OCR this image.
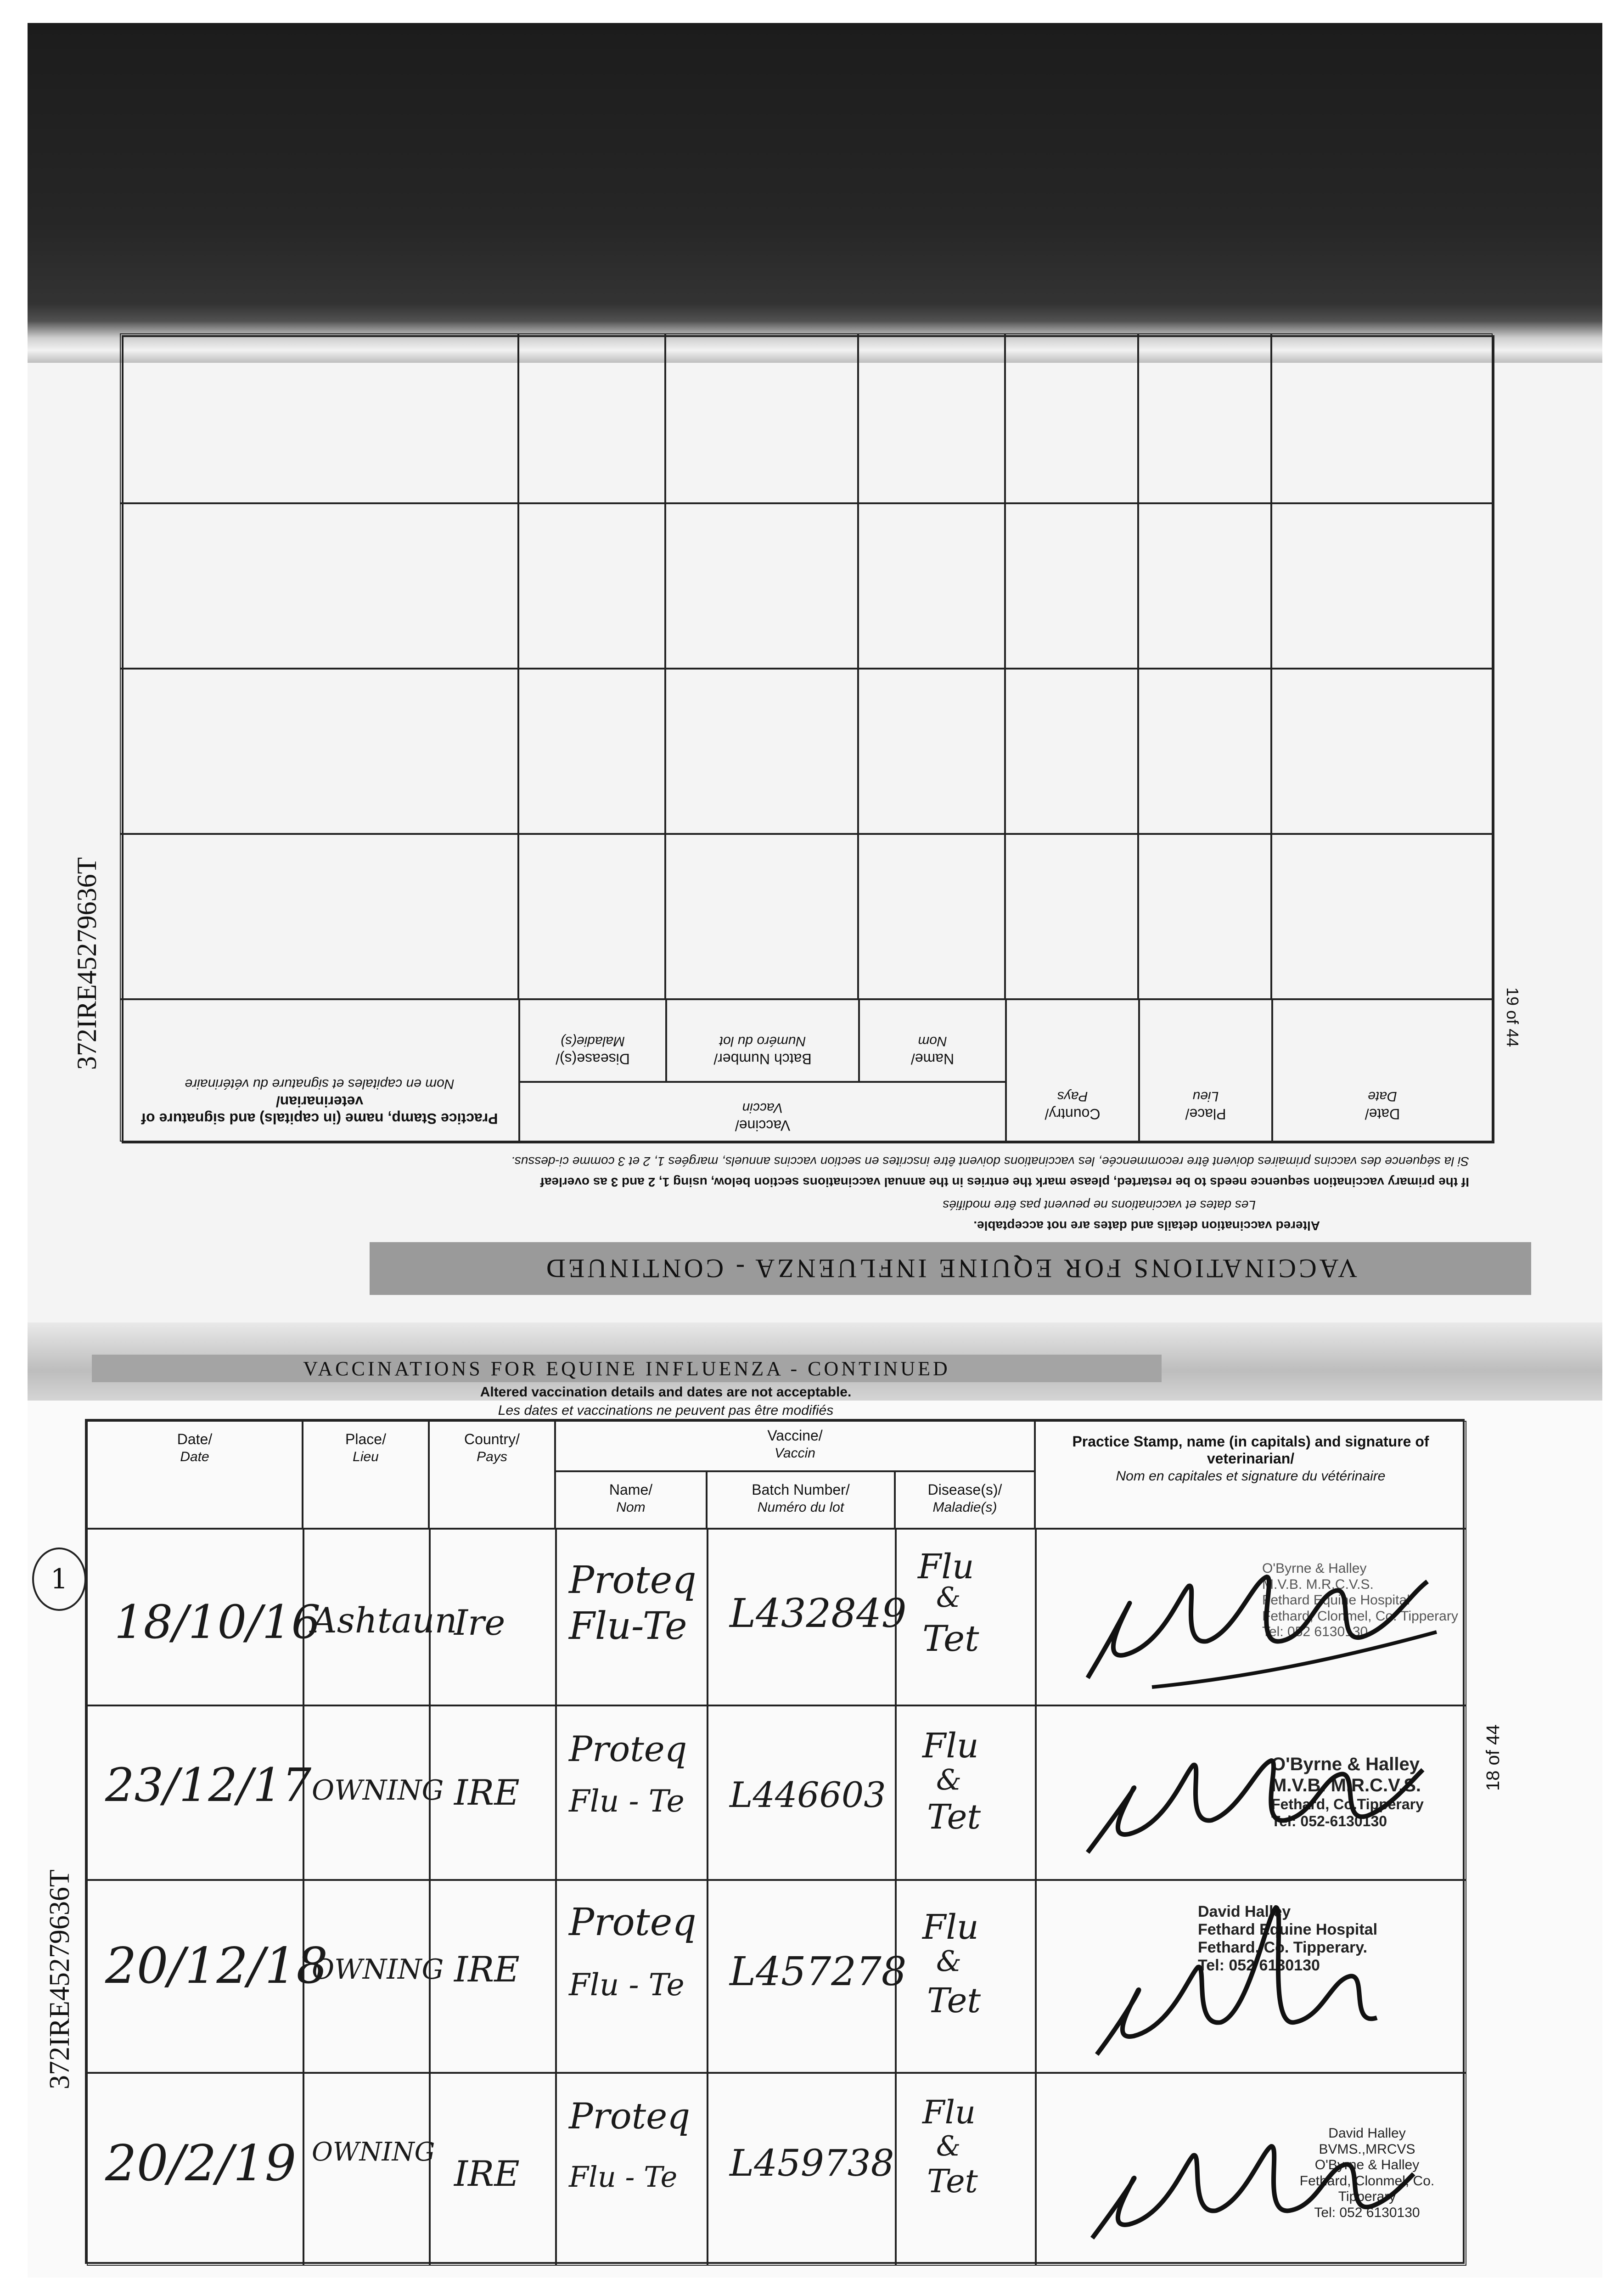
VACCINATIONS FOR EQUINE INFLUENZA - CONTINUED
Altered vaccination details and dates are not acceptable.
Les dates et vaccinations ne peuvent pas être modifiés
If the primary vaccination sequence needs to be restarted, please mark the entries in the annual vaccinations section below, using 1, 2 and 3 as overleaf
Si la séquence des vaccins primaires doivent être recommencée, les vaccinations doivent être inscrites en section vaccins annuels, margées 1, 2 et 3 comme ci-dessus.
Date/
Date
Place/
Lieu
Country/
Pays
Vaccine/
Vaccin
Name/
Nom
Batch Number/
Numéro du lot
Disease(s)/
Maladie(s)
Practice Stamp, name (in capitals) and signature of veterinarian/
Nom en capitales et signature du vétérinaire
19 of 44
372IRE45279636T
VACCINATIONS FOR EQUINE INFLUENZA - CONTINUED
Altered vaccination details and dates are not acceptable.
Les dates et vaccinations ne peuvent pas être modifiés
Date/
Date
Place/
Lieu
Country/
Pays
Vaccine/
Vaccin
Name/
Nom
Batch Number/
Numéro du lot
Disease(s)/
Maladie(s)
Practice Stamp, name (in capitals) and signature of veterinarian/
Nom en capitales et signature du vétérinaire
18/10/16
Ashtaun
Ire
Proteq
Flu-Te L432849
Flu
&
Tet
O'Byrne & Halley
M.V.B. M.R.C.V.S.
Fethard Equine Hospital
Fethard, Clonmel, Co. Tipperary
Tel: 052 6130130
23/12/17 OWNING IRE
Proteq
Flu - Te L446603
Flu
&
Tet
O'Byrne & Halley
M.V.B. M.R.C.V.S.
Fethard, Co.Tipperary
Tel: 052-6130130
20/12/18
OWNING IRE
Proteq
Flu - Te L457278
Flu
&
Tet
David Halley
Fethard Equine Hospital
Fethard, Co. Tipperary.
Tel: 052 6130130
20/2/19 OWNING
IRE
Proteq
Flu - Te L459738
Flu
&
Tet
David Halley
BVMS.,MRCVS
O'Byrne & Halley
Fethard, Clonmel, Co. Tipperary
Tel: 052 6130130
372IRE45279636T
1
18 of 44
